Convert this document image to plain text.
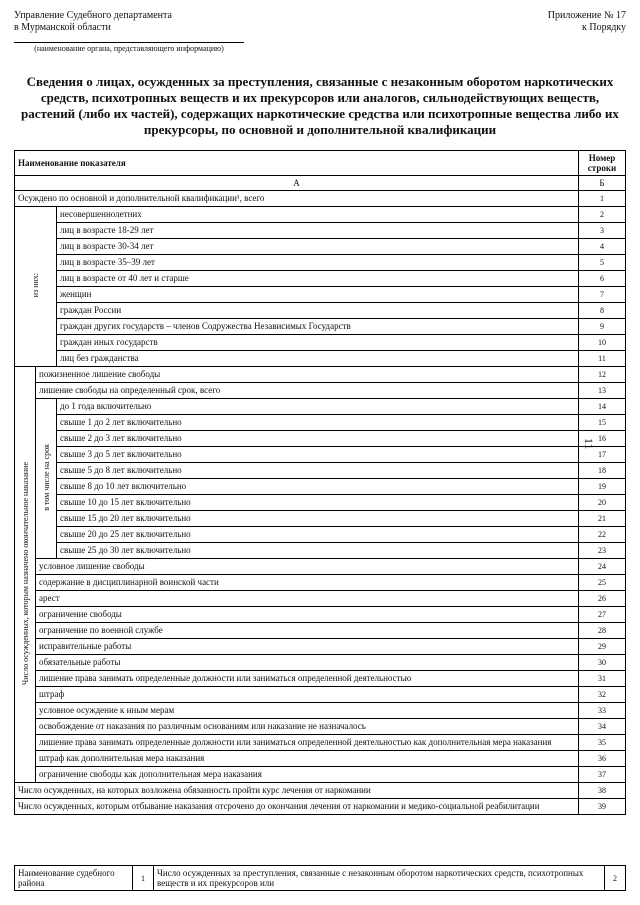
11
Приложение № 17
к Порядку
Управление Судебного департамента
в Мурманской области
(наименование органа, представляющего информацию)
Сведения о лицах, осужденных за преступления, связанные с незаконным оборотом наркотических средств, психотропных веществ и их прекурсоров или аналогов, сильнодействующих веществ, растений (либо их частей), содержащих наркотические средства или психотропные вещества либо их прекурсоры, по основной и дополнительной квалификации
Наименование показателя			Номер строки
А			Б
Осуждено по основной и дополнительной квалификации¹, всего			1
из них:		несовершеннолетних	2
		лиц в возрасте 18-29 лет	3
		лиц в возрасте 30-34 лет	4
		лиц в возрасте 35–39 лет	5
		лиц в возрасте от 40 лет и старше	6
		женщин	7
		граждан России	8
		граждан других государств – членов Содружества Независимых Государств	9
		граждан иных государств	10
		лиц без гражданства	11
Число осужденных, которым назначено окончательное наказание	пожизненное лишение свободы		12
	лишение свободы на определенный срок, всего		13
	в том числе на срок	до 1 года включительно	14
		свыше 1 до 2 лет включительно	15
		свыше 2 до 3 лет включительно	16
		свыше 3 до 5 лет включительно	17
		свыше 5 до 8 лет включительно	18
		свыше 8 до 10 лет включительно	19
		свыше 10 до 15 лет включительно	20
		свыше 15 до 20 лет включительно	21
		свыше 20 до 25 лет включительно	22
		свыше 25 до 30 лет включительно	23
	условное лишение свободы		24
	содержание в дисциплинарной воинской части		25
	арест		26
	ограничение свободы		27
	ограничение по военной службе		28
	исправительные работы		29
	обязательные работы		30
	лишение права занимать определенные должности или заниматься определенной деятельностью		31
	штраф		32
	условное осуждение к иным мерам		33
	освобождение от наказания по различным основаниям или наказание не назначалось		34
	лишение права занимать определенные должности или заниматься определенной деятельностью как дополнительная мера наказания		35
	штраф как дополнительная мера наказания		36
	ограничение свободы как дополнительная мера наказания		37
Число осужденных, на которых возложена обязанность пройти курс лечения от наркомании			38
Число осужденных, которым отбывание наказания отсрочено до окончания лечения от наркомании и медико-социальной реабилитации			39
Наименование судебного района	1	Число осужденных за преступления, связанные с незаконным оборотом наркотических средств, психотропных веществ и их прекурсоров или	2
